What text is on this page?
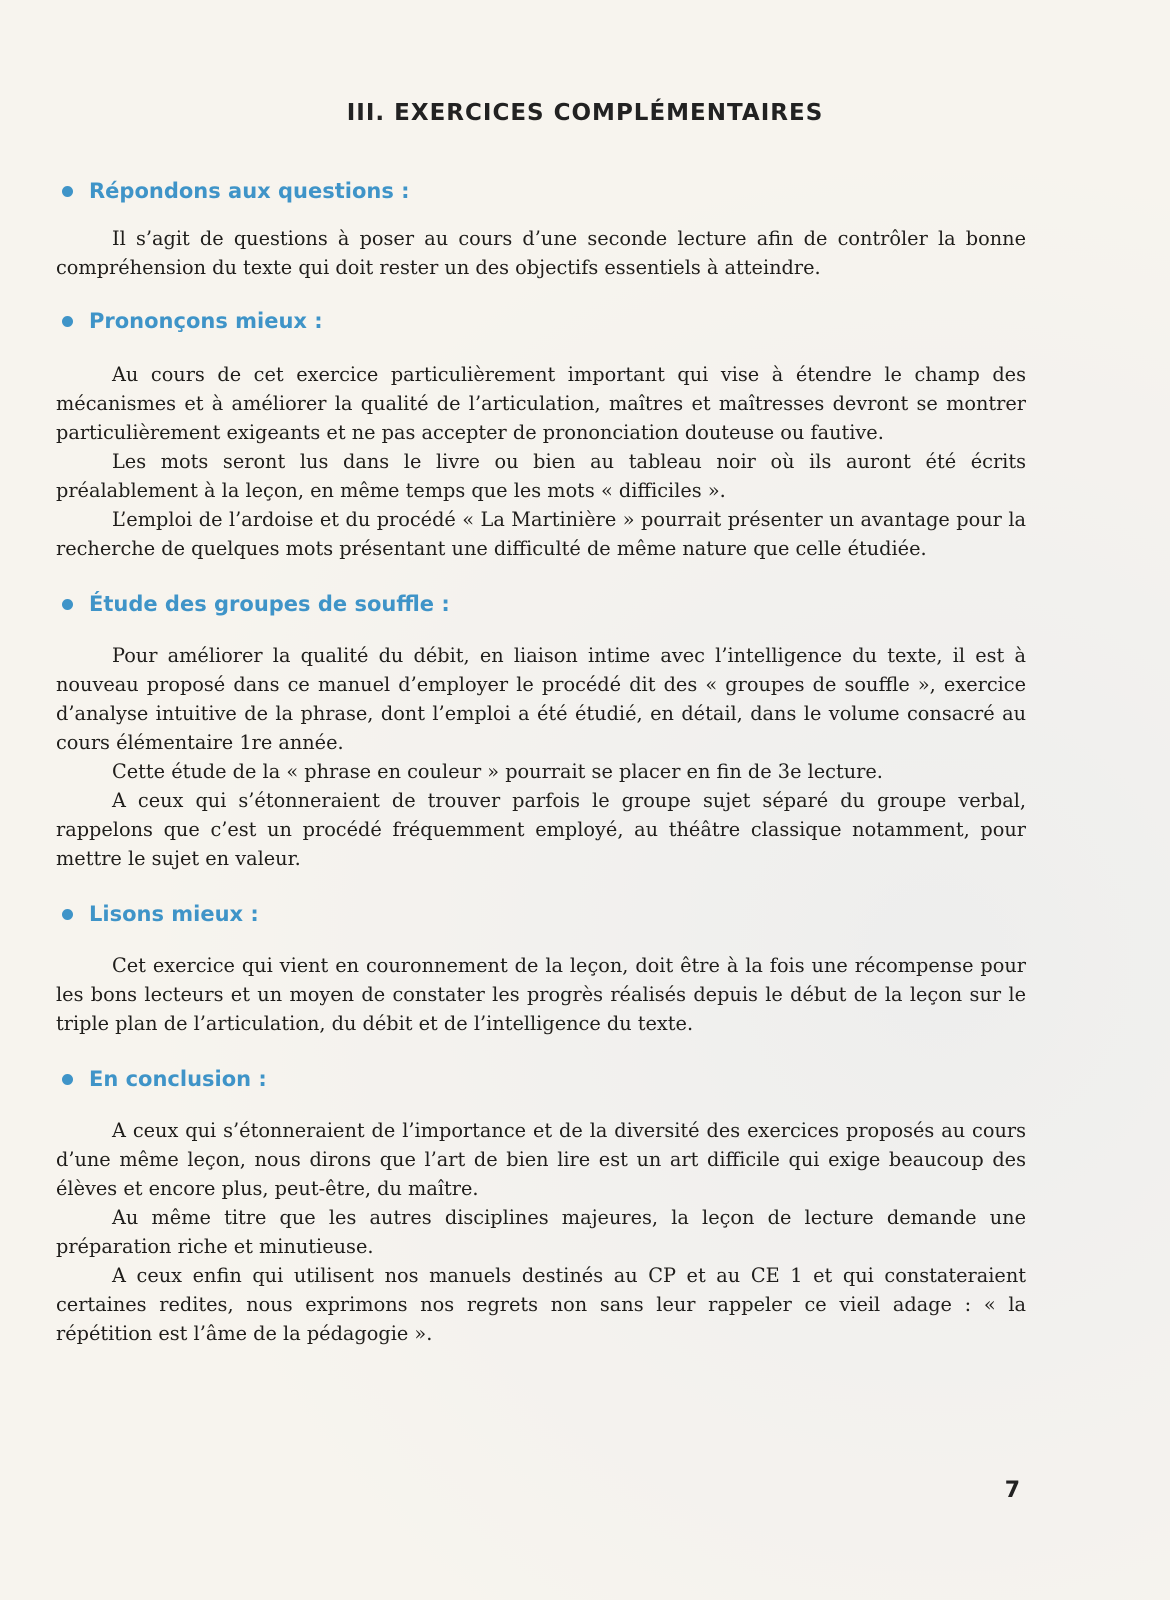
III. EXERCICES COMPLÉMENTAIRES
Répondons aux questions :

Il s’agit de questions à poser au cours d’une seconde lecture afin de contrôler la bonne compréhension du texte qui doit rester un des objectifs essentiels à atteindre.

Prononçons mieux :

Au cours de cet exercice particulièrement important qui vise à étendre le champ des mécanismes et à améliorer la qualité de l’articulation, maîtres et maîtresses devront se montrer particulièrement exigeants et ne pas accepter de prononciation douteuse ou fautive.

Les mots seront lus dans le livre ou bien au tableau noir où ils auront été écrits préalablement à la leçon, en même temps que les mots « difficiles ».

L’emploi de l’ardoise et du procédé « La Martinière » pourrait présenter un avantage pour la recherche de quelques mots présentant une difficulté de même nature que celle étudiée.

Étude des groupes de souffle :

Pour améliorer la qualité du débit, en liaison intime avec l’intelligence du texte, il est à nouveau proposé dans ce manuel d’employer le procédé dit des « groupes de souffle », exercice d’analyse intuitive de la phrase, dont l’emploi a été étudié, en détail, dans le volume consacré au cours élémentaire 1re année.

Cette étude de la « phrase en couleur » pourrait se placer en fin de 3e lecture.

A ceux qui s’étonneraient de trouver parfois le groupe sujet séparé du groupe verbal, rappelons que c’est un procédé fréquemment employé, au théâtre classique notamment, pour mettre le sujet en valeur.

Lisons mieux :

Cet exercice qui vient en couronnement de la leçon, doit être à la fois une récompense pour les bons lecteurs et un moyen de constater les progrès réalisés depuis le début de la leçon sur le triple plan de l’articulation, du débit et de l’intelligence du texte.

En conclusion :

A ceux qui s’étonneraient de l’importance et de la diversité des exercices proposés au cours d’une même leçon, nous dirons que l’art de bien lire est un art difficile qui exige beaucoup des élèves et encore plus, peut-être, du maître.

Au même titre que les autres disciplines majeures, la leçon de lecture demande une préparation riche et minutieuse.

A ceux enfin qui utilisent nos manuels destinés au CP et au CE 1 et qui constateraient certaines redites, nous exprimons nos regrets non sans leur rappeler ce vieil adage : « la répétition est l’âme de la pédagogie ».

7
